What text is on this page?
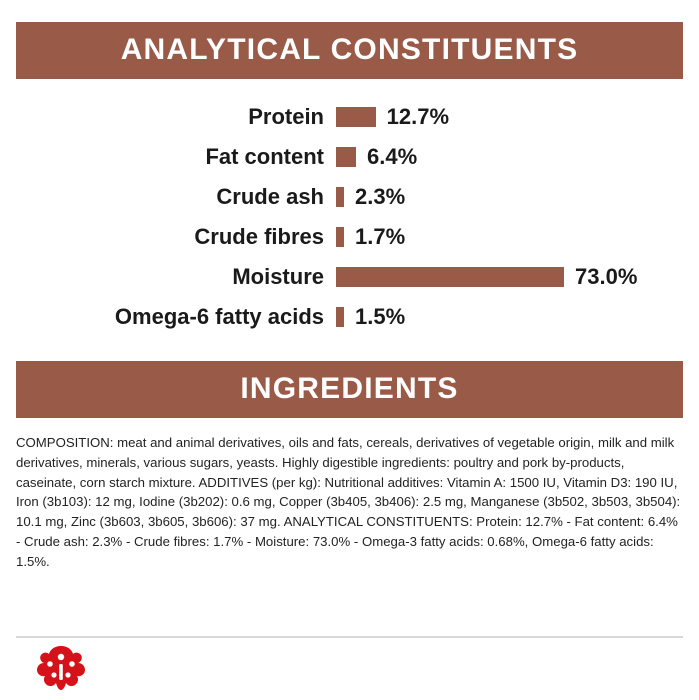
ANALYTICAL CONSTITUENTS
Protein	12.7%
Fat content	6.4%
Crude ash	2.3%
Crude fibres	1.7%
Moisture	73.0%
Omega-6 fatty acids	1.5%
INGREDIENTS

COMPOSITION: meat and animal derivatives, oils and fats, cereals, derivatives of vegetable origin, milk and milk derivatives, minerals, various sugars, yeasts. Highly digestible ingredients: poultry and pork by-products, caseinate, corn starch mixture. ADDITIVES (per kg): Nutritional additives: Vitamin A: 1500 IU, Vitamin D3: 190 IU, Iron (3b103): 12 mg, Iodine (3b202): 0.6 mg, Copper (3b405, 3b406): 2.5 mg, Manganese (3b502, 3b503, 3b504): 10.1 mg, Zinc (3b603, 3b605, 3b606): 37 mg. ANALYTICAL CONSTITUENTS: Protein: 12.7% - Fat content: 6.4% - Crude ash: 2.3% - Crude fibres: 1.7% - Moisture: 73.0% - Omega-3 fatty acids: 0.68%, Omega-6 fatty acids: 1.5%.
